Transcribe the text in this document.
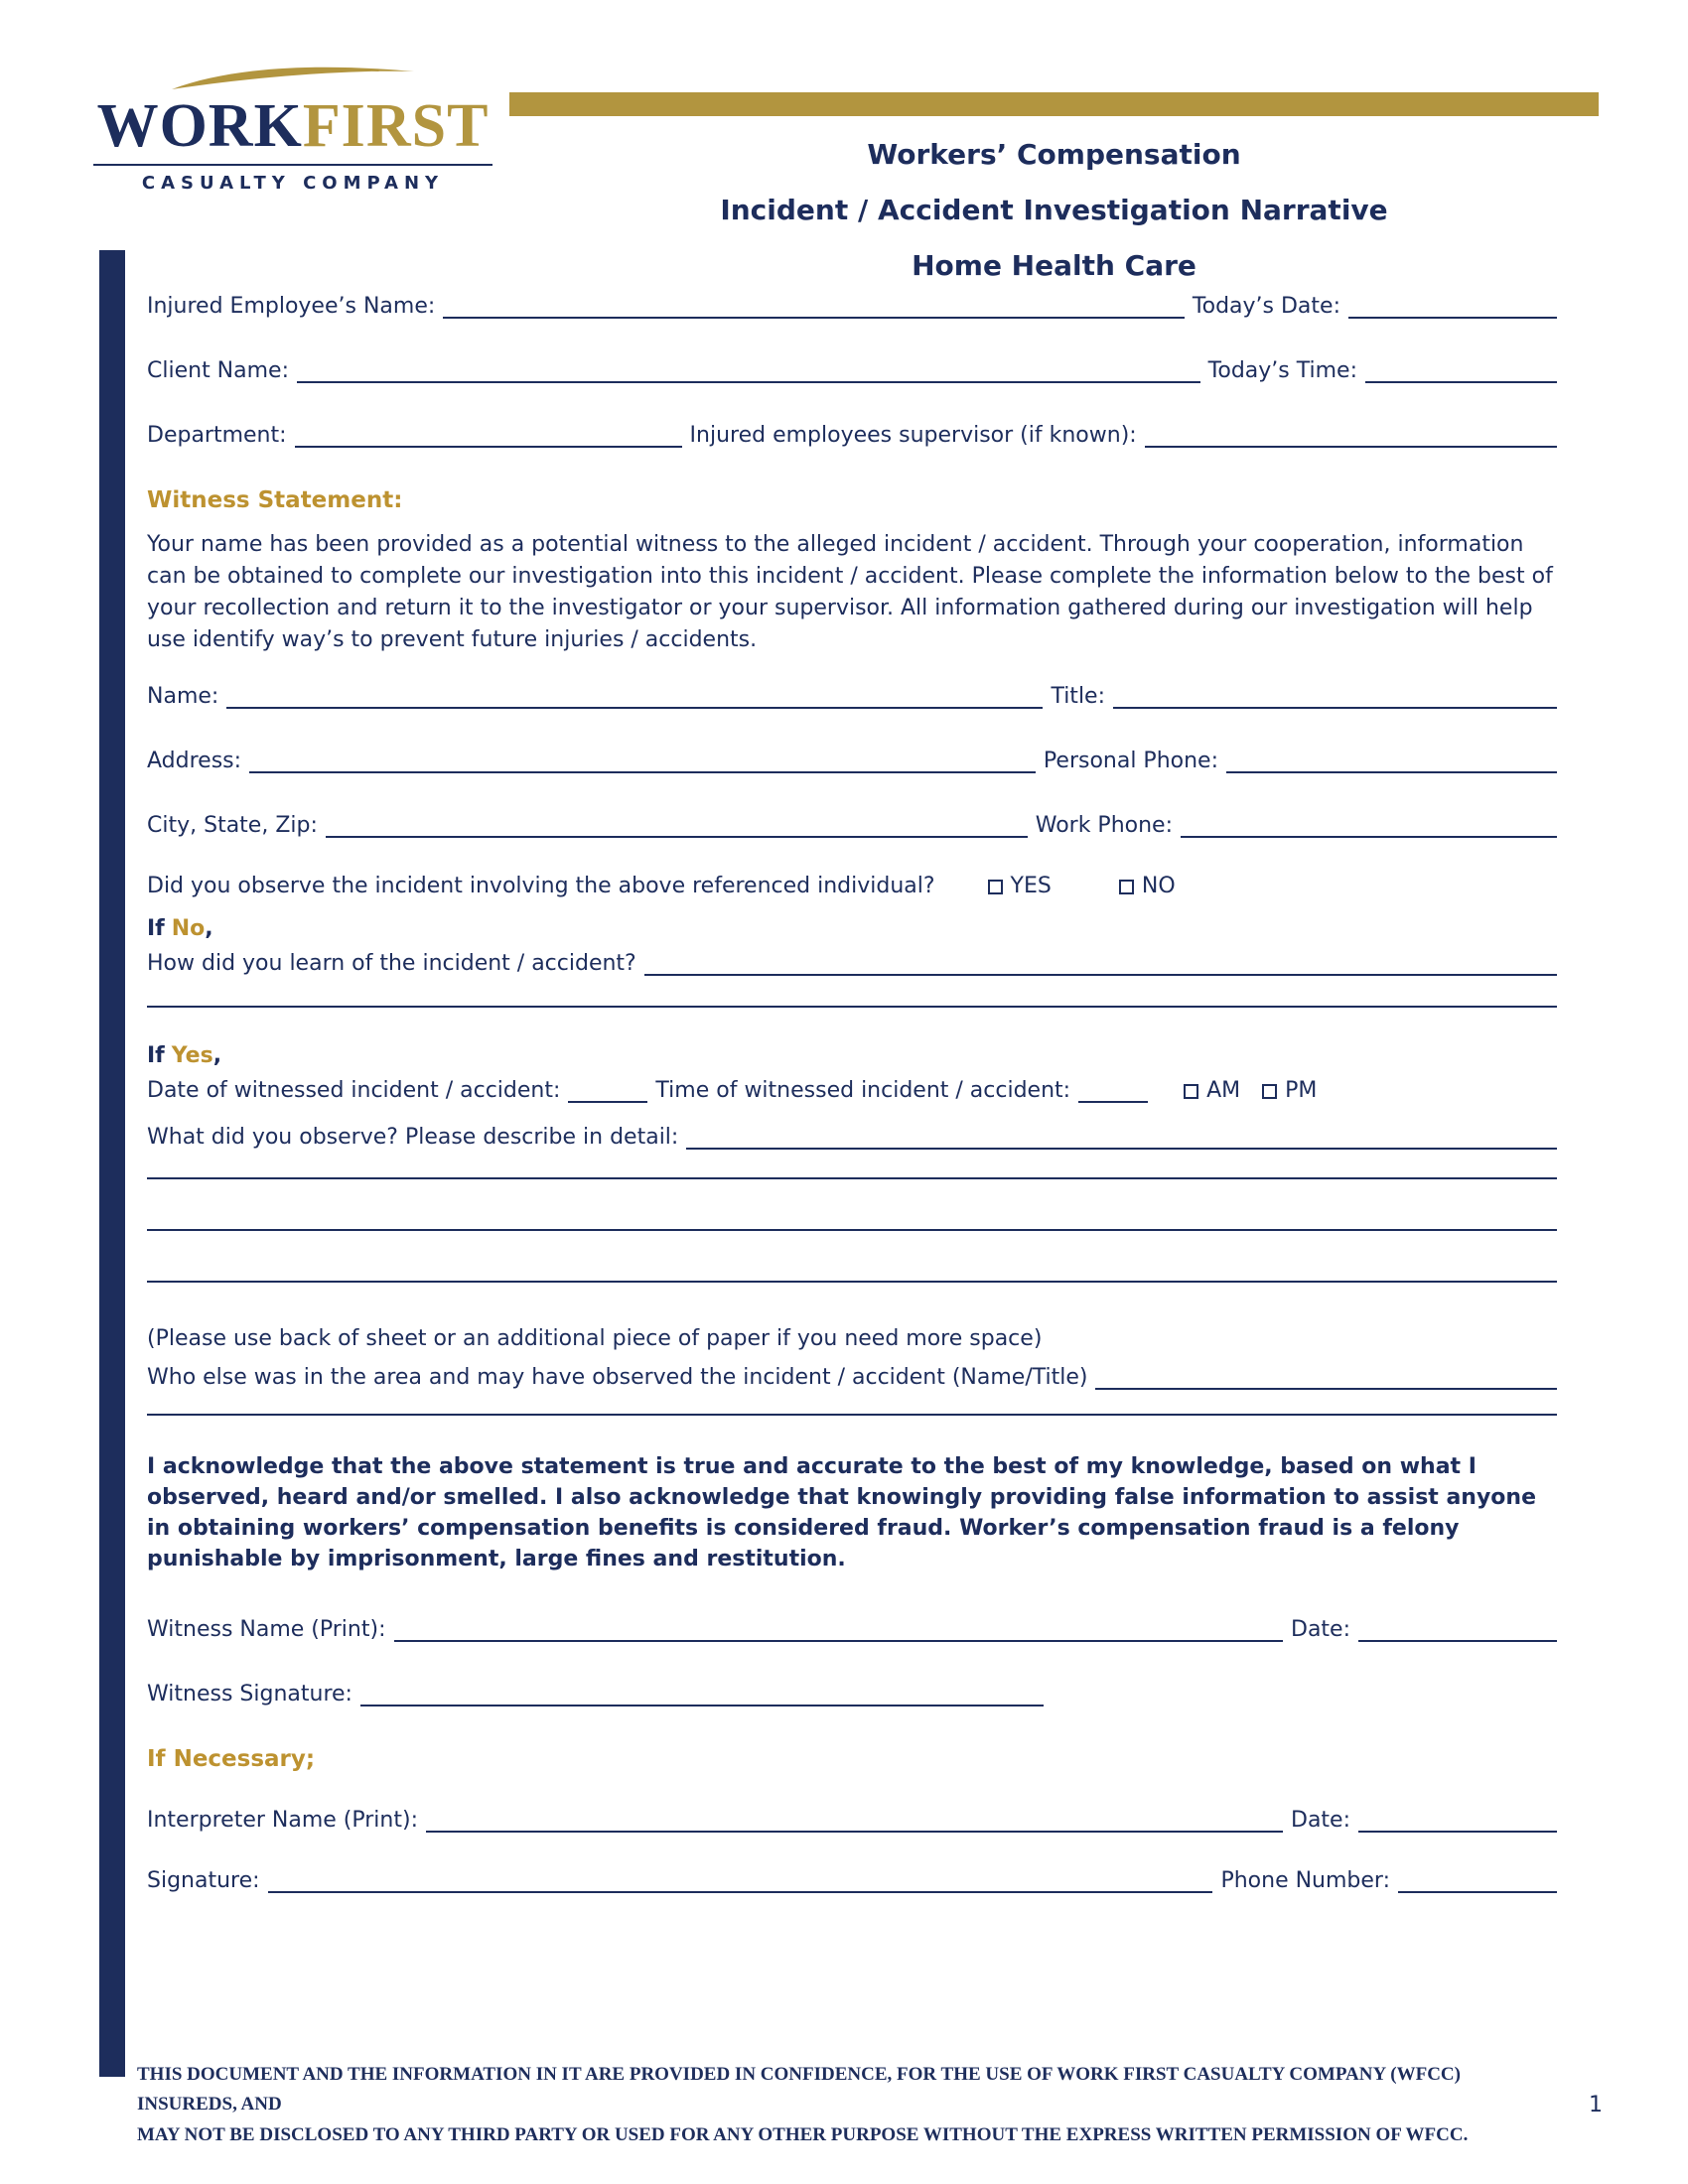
WORKFIRST
CASUALTY COMPANY
Workers’ Compensation
Incident / Accident Investigation Narrative
Home Health Care
Injured Employee’s Name:	Today’s Date:
Client Name:	Today’s Time:
Department:	Injured employees supervisor (if known):
Witness Statement:

Your name has been provided as a potential witness to the alleged incident / accident. Through your cooperation, information can be obtained to complete our investigation into this incident / accident. Please complete the information below to the best of your recollection and return it to the investigator or your supervisor. All information gathered during our investigation will help use identify way’s to prevent future injuries / accidents.

Name:	Title:
Address:	Personal Phone:
City, State, Zip:	Work Phone:
Did you observe the incident involving the above referenced individual?	YES	NO
If No,
How did you learn of the incident / accident?
If Yes,
Date of witnessed incident / accident:	Time of witnessed incident / accident:	AM PM
What did you observe? Please describe in detail:
(Please use back of sheet or an additional piece of paper if you need more space)
Who else was in the area and may have observed the incident / accident (Name/Title)

I acknowledge that the above statement is true and accurate to the best of my knowledge, based on what I observed, heard and/or smelled. I also acknowledge that knowingly providing false information to assist anyone in obtaining workers’ compensation benefits is considered fraud. Worker’s compensation fraud is a felony punishable by imprisonment, large fines and restitution.

Witness Name (Print):	Date:
Witness Signature:
If Necessary;
Interpreter Name (Print):	Date:
Signature:	Phone Number:
THIS DOCUMENT AND THE INFORMATION IN IT ARE PROVIDED IN CONFIDENCE, FOR THE USE OF WORK FIRST CASUALTY COMPANY (WFCC) INSUREDS, AND
MAY NOT BE DISCLOSED TO ANY THIRD PARTY OR USED FOR ANY OTHER PURPOSE WITHOUT THE EXPRESS WRITTEN PERMISSION OF WFCC.
1
